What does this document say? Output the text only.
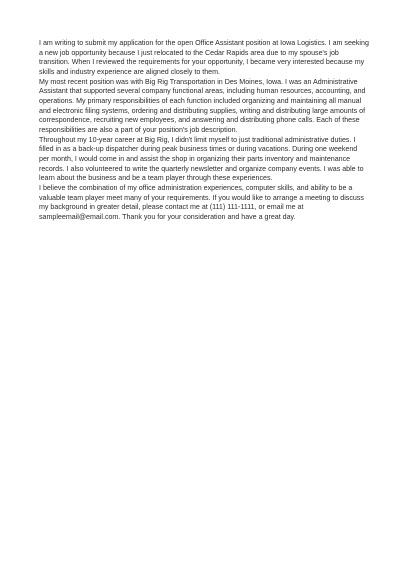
I am writing to submit my application for the open Office Assistant position at Iowa Logistics. I am seeking a new job opportunity because I just relocated to the Cedar Rapids area due to my spouse's job transition. When I reviewed the requirements for your opportunity, I became very interested because my skills and industry experience are aligned closely to them.

My most recent position was with Big Rig Transportation in Des Moines, Iowa. I was an Administrative Assistant that supported several company functional areas, including human resources, accounting, and operations. My primary responsibilities of each function included organizing and maintaining all manual and electronic filing systems, ordering and distributing supplies, writing and distributing large amounts of correspondence, recruiting new employees, and answering and distributing phone calls. Each of these responsibilities are also a part of your position's job description.

Throughout my 10-year career at Big Rig, I didn't limit myself to just traditional administrative duties. I filled in as a back-up dispatcher during peak business times or during vacations. During one weekend per month, I would come in and assist the shop in organizing their parts inventory and maintenance records. I also volunteered to write the quarterly newsletter and organize company events. I was able to learn about the business and be a team player through these experiences.

I believe the combination of my office administration experiences, computer skills, and ability to be a valuable team player meet many of your requirements. If you would like to arrange a meeting to discuss my background in greater detail, please contact me at (111) 111-1111, or email me at sampleemail@email.com. Thank you for your consideration and have a great day.
